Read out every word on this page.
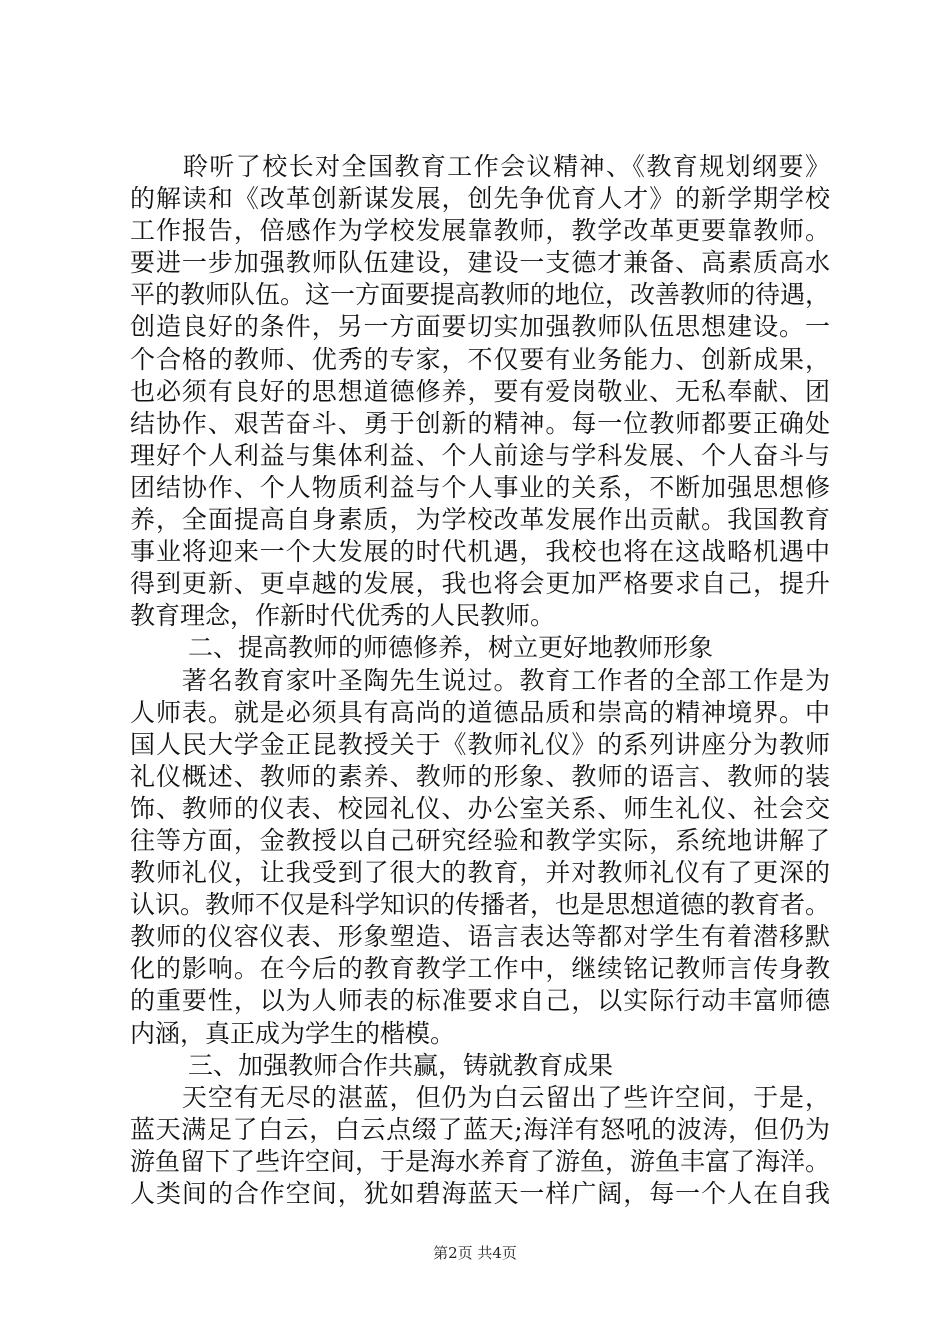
　　聆听了校长对全国教育工作会议精神、《教育规划纲要》
的解读和《改革创新谋发展，创先争优育人才》的新学期学校
工作报告，倍感作为学校发展靠教师，教学改革更要靠教师。
要进一步加强教师队伍建设，建设一支德才兼备、高素质高水
平的教师队伍。这一方面要提高教师的地位，改善教师的待遇，
创造良好的条件，另一方面要切实加强教师队伍思想建设。一
个合格的教师、优秀的专家，不仅要有业务能力、创新成果，
也必须有良好的思想道德修养，要有爱岗敬业、无私奉献、团
结协作、艰苦奋斗、勇于创新的精神。每一位教师都要正确处
理好个人利益与集体利益、个人前途与学科发展、个人奋斗与
团结协作、个人物质利益与个人事业的关系，不断加强思想修
养，全面提高自身素质，为学校改革发展作出贡献。我国教育
事业将迎来一个大发展的时代机遇，我校也将在这战略机遇中
得到更新、更卓越的发展，我也将会更加严格要求自己，提升
教育理念，作新时代优秀的人民教师。
二、提高教师的师德修养，树立更好地教师形象
　　著名教育家叶圣陶先生说过。教育工作者的全部工作是为
人师表。就是必须具有高尚的道德品质和崇高的精神境界。中
国人民大学金正昆教授关于《教师礼仪》的系列讲座分为教师
礼仪概述、教师的素养、教师的形象、教师的语言、教师的装
饰、教师的仪表、校园礼仪、办公室关系、师生礼仪、社会交
往等方面，金教授以自己研究经验和教学实际，系统地讲解了
教师礼仪，让我受到了很大的教育，并对教师礼仪有了更深的
认识。教师不仅是科学知识的传播者，也是思想道德的教育者。
教师的仪容仪表、形象塑造、语言表达等都对学生有着潜移默
化的影响。在今后的教育教学工作中，继续铭记教师言传身教
的重要性，以为人师表的标准要求自己，以实际行动丰富师德
内涵，真正成为学生的楷模。
三、加强教师合作共赢，铸就教育成果
　　天空有无尽的湛蓝，但仍为白云留出了些许空间，于是，
蓝天满足了白云，白云点缀了蓝天;海洋有怒吼的波涛，但仍为
游鱼留下了些许空间，于是海水养育了游鱼，游鱼丰富了海洋。
人类间的合作空间，犹如碧海蓝天一样广阔，每一个人在自我
第2页 共4页
